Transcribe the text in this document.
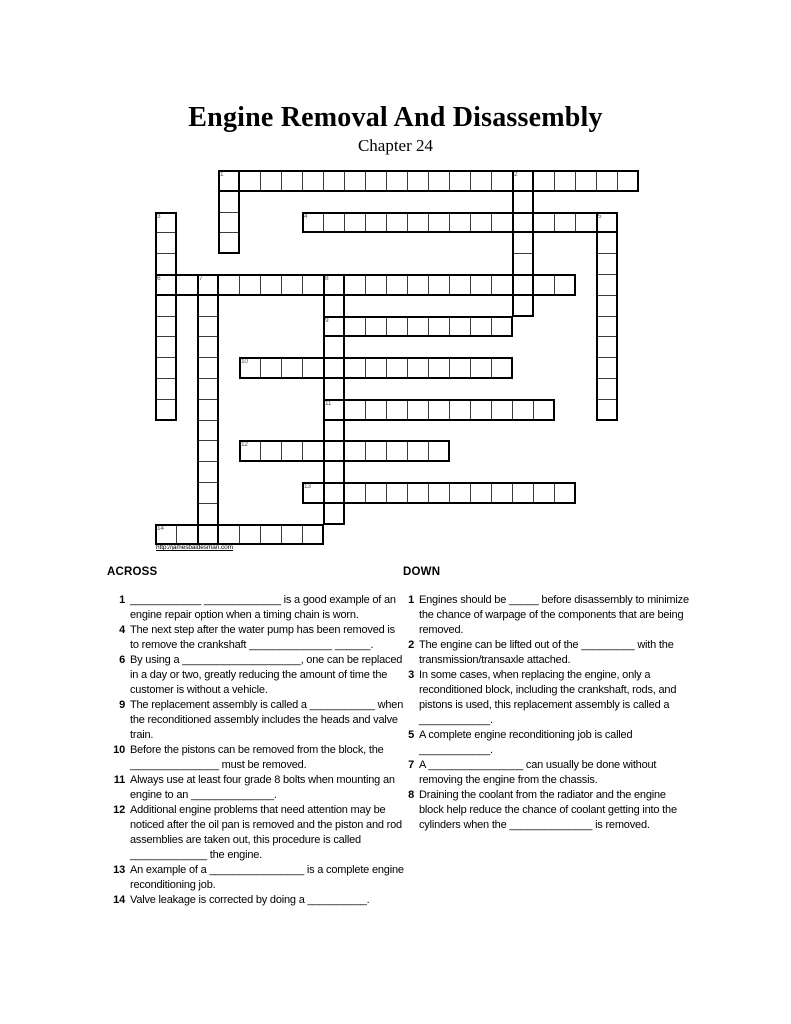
Engine Removal And Disassembly
Chapter 24
1	2
4	5
6	7	8
9
10
11
12
13
14
3
http://jamesbaldesman.com
ACROSS
1 ____________ _____________ is a good example of an engine repair option when a timing chain is worn.
4 The next step after the water pump has been removed is to remove the crankshaft ______________ ______.
6 By using a ____________________, one can be replaced in a day or two, greatly reducing the amount of time the customer is without a vehicle.
9 The replacement assembly is called a ___________ when the reconditioned assembly includes the heads and valve train.
10 Before the pistons can be removed from the block, the _______________ must be removed.
11 Always use at least four grade 8 bolts when mounting an engine to an ______________.
12 Additional engine problems that need attention may be noticed after the oil pan is removed and the piston and rod assemblies are taken out, this procedure is called _____________ the engine.
13 An example of a ________________ is a complete engine reconditioning job.
14 Valve leakage is corrected by doing a __________.
DOWN
1 Engines should be _____ before disassembly to minimize the chance of warpage of the components that are being removed.
2 The engine can be lifted out of the _________ with the transmission/transaxle attached.
3 In some cases, when replacing the engine, only a reconditioned block, including the crankshaft, rods, and pistons is used, this replacement assembly is called a ____________.
5 A complete engine reconditioning job is called ____________.
7 A ________________ can usually be done without removing the engine from the chassis.
8 Draining the coolant from the radiator and the engine block help reduce the chance of coolant getting into the cylinders when the ______________ is removed.
